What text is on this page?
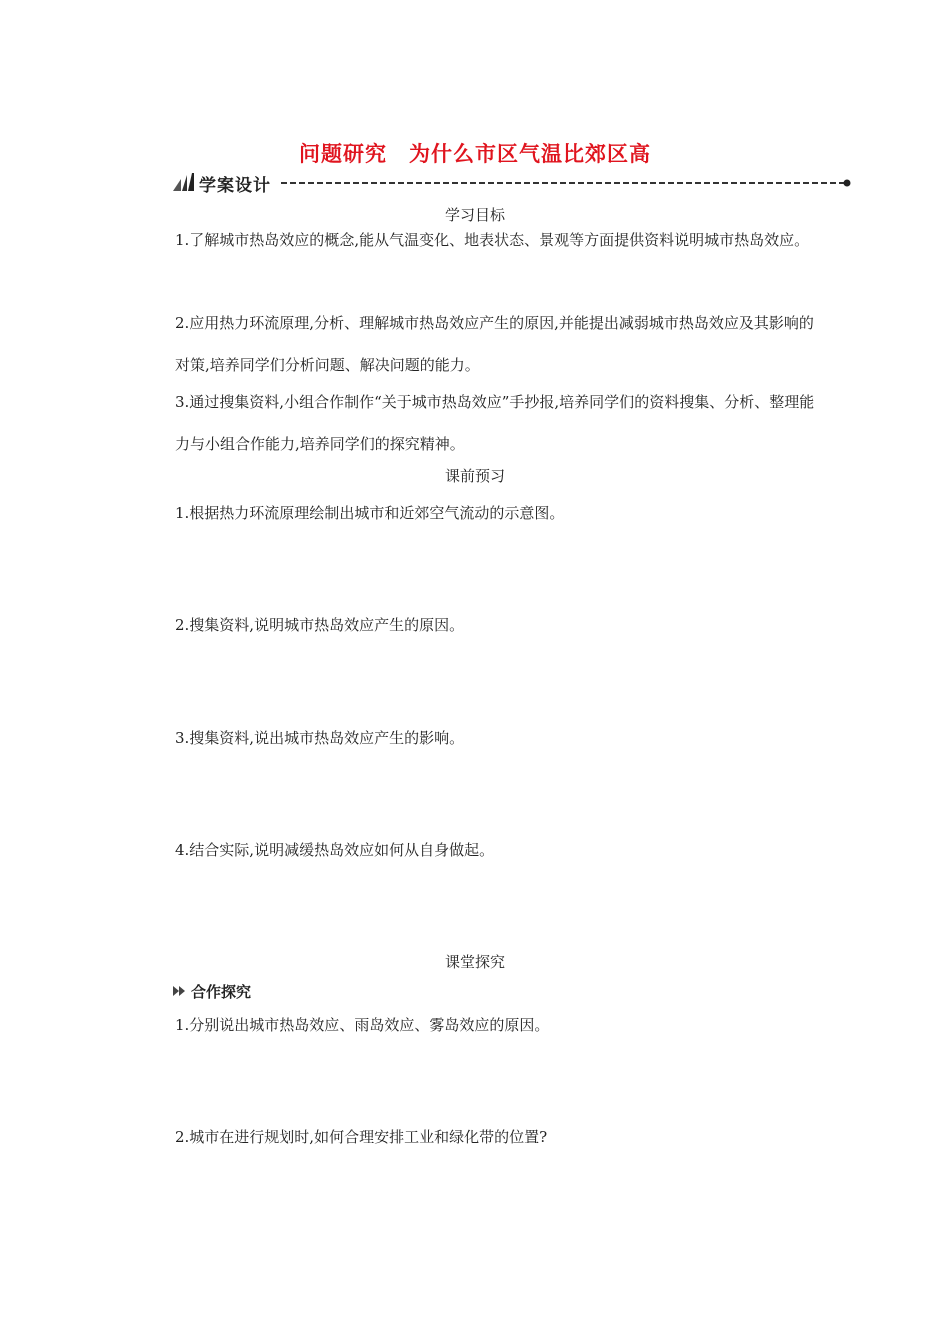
问题研究　为什么市区气温比郊区高
学案设计
学习目标
1.了解城市热岛效应的概念,能从气温变化、地表状态、景观等方面提供资料说明城市热岛效应。
2.应用热力环流原理,分析、理解城市热岛效应产生的原因,并能提出减弱城市热岛效应及其影响的对策,培养同学们分析问题、解决问题的能力。
3.通过搜集资料,小组合作制作“关于城市热岛效应”手抄报,培养同学们的资料搜集、分析、整理能力与小组合作能力,培养同学们的探究精神。
课前预习
1.根据热力环流原理绘制出城市和近郊空气流动的示意图。
2.搜集资料,说明城市热岛效应产生的原因。
3.搜集资料,说出城市热岛效应产生的影响。
4.结合实际,说明减缓热岛效应如何从自身做起。
课堂探究
合作探究
1.分别说出城市热岛效应、雨岛效应、雾岛效应的原因。
2.城市在进行规划时,如何合理安排工业和绿化带的位置?
